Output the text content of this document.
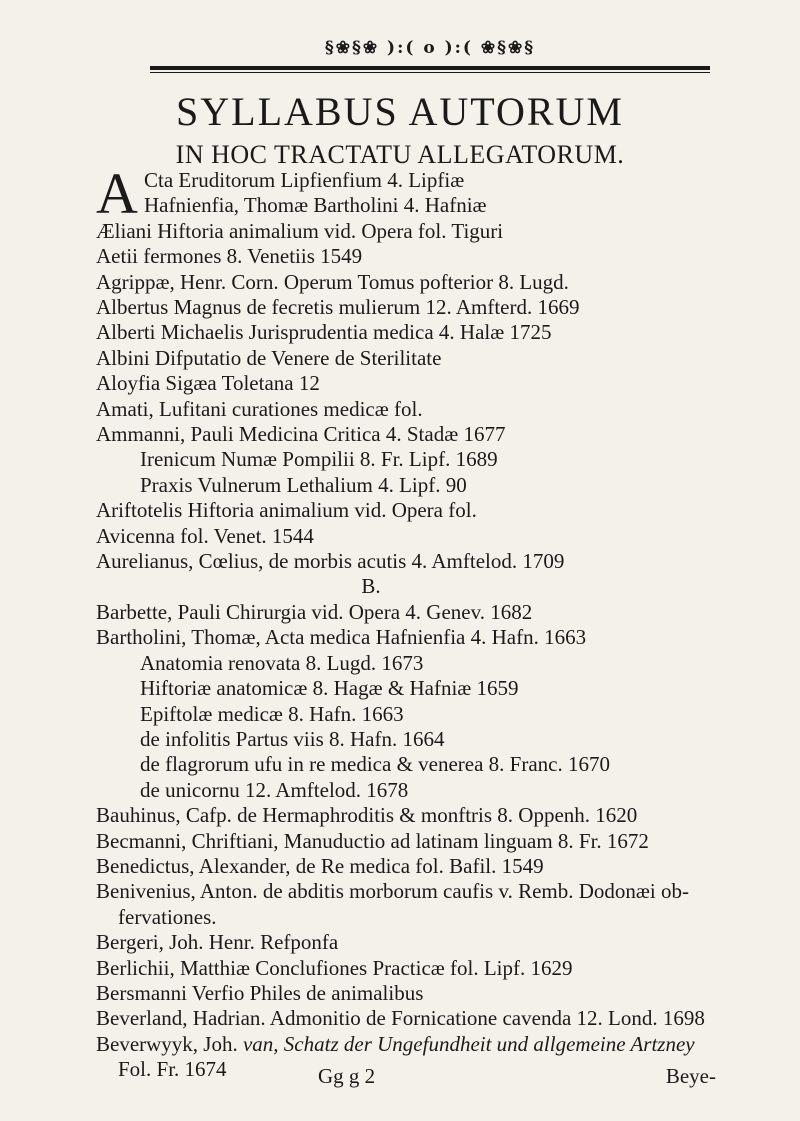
§❀§❀ ):( o ):( ❀§❀§
SYLLABUS AUTORUM
IN HOC TRACTATU ALLEGATORUM.
A Cta Eruditorum Lipfienfium 4. Lipfiæ
Hafnienfia, Thomæ Bartholini 4. Hafniæ
Æliani Hiftoria animalium vid. Opera fol. Tiguri
Aetii fermones 8. Venetiis 1549
Agrippæ, Henr. Corn. Operum Tomus pofterior 8. Lugd.
Albertus Magnus de fecretis mulierum 12. Amfterd. 1669
Alberti Michaelis Jurisprudentia medica 4. Halæ 1725
Albini Difputatio de Venere de Sterilitate
Aloyfia Sigæa Toletana 12
Amati, Lufitani curationes medicæ fol.
Ammanni, Pauli Medicina Critica 4. Stadæ 1677
Irenicum Numæ Pompilii 8. Fr. Lipf. 1689
Praxis Vulnerum Lethalium 4. Lipf. 90
Ariftotelis Hiftoria animalium vid. Opera fol.
Avicenna fol. Venet. 1544
Aurelianus, Cœlius, de morbis acutis 4. Amftelod. 1709
B.
Barbette, Pauli Chirurgia vid. Opera 4. Genev. 1682
Bartholini, Thomæ, Acta medica Hafnienfia 4. Hafn. 1663
Anatomia renovata 8. Lugd. 1673
Hiftoriæ anatomicæ 8. Hagæ & Hafniæ 1659
Epiftolæ medicæ 8. Hafn. 1663
de infolitis Partus viis 8. Hafn. 1664
de flagrorum ufu in re medica & venerea 8. Franc. 1670
de unicornu 12. Amftelod. 1678
Bauhinus, Cafp. de Hermaphroditis & monftris 8. Oppenh. 1620
Becmanni, Chriftiani, Manuductio ad latinam linguam 8. Fr. 1672
Benedictus, Alexander, de Re medica fol. Bafil. 1549
Benivenius, Anton. de abditis morborum caufis v. Remb. Dodonæi ob-
fervationes.
Bergeri, Joh. Henr. Refponfa
Berlichii, Matthiæ Conclufiones Practicæ fol. Lipf. 1629
Bersmanni Verfio Philes de animalibus
Beverland, Hadrian. Admonitio de Fornicatione cavenda 12. Lond. 1698
Beverwyyk, Joh. van, Schatz der Ungefundheit und allgemeine Artzney
Fol. Fr. 1674	Gg g 2	Beye-
